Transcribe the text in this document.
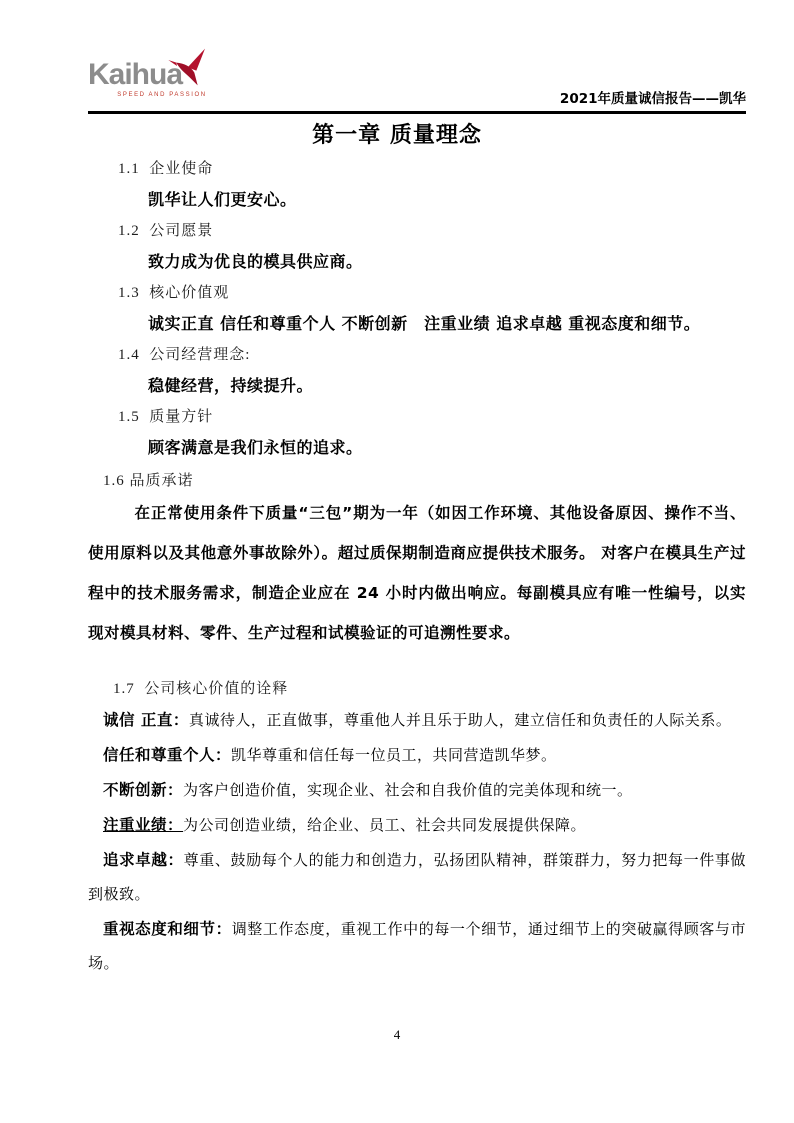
Kaihua
SPEED AND PASSION	2021年质量诚信报告——凯华
第一章 质量理念

1.1 企业使命

凯华让人们更安心。

1.2 公司愿景

致力成为优良的模具供应商。

1.3 核心价值观

诚实正直 信任和尊重个人 不断创新　注重业绩 追求卓越 重视态度和细节。

1.4 公司经营理念:

稳健经营，持续提升。

1.5 质量方针

顾客满意是我们永恒的追求。

1.6 品质承诺

在正常使用条件下质量“三包”期为一年（如因工作环境、其他设备原因、操作不当、使用原料以及其他意外事故除外）。超过质保期制造商应提供技术服务。 对客户在模具生产过程中的技术服务需求，制造企业应在 24 小时内做出响应。每副模具应有唯一性编号，以实现对模具材料、零件、生产过程和试模验证的可追溯性要求。

1.7 公司核心价值的诠释

诚信 正直：真诚待人，正直做事，尊重他人并且乐于助人，建立信任和负责任的人际关系。

信任和尊重个人：凯华尊重和信任每一位员工，共同营造凯华梦。

不断创新：为客户创造价值，实现企业、社会和自我价值的完美体现和统一。

注重业绩：为公司创造业绩，给企业、员工、社会共同发展提供保障。

追求卓越：尊重、鼓励每个人的能力和创造力，弘扬团队精神，群策群力，努力把每一件事做到极致。

重视态度和细节：调整工作态度，重视工作中的每一个细节，通过细节上的突破赢得顾客与市场。

4
